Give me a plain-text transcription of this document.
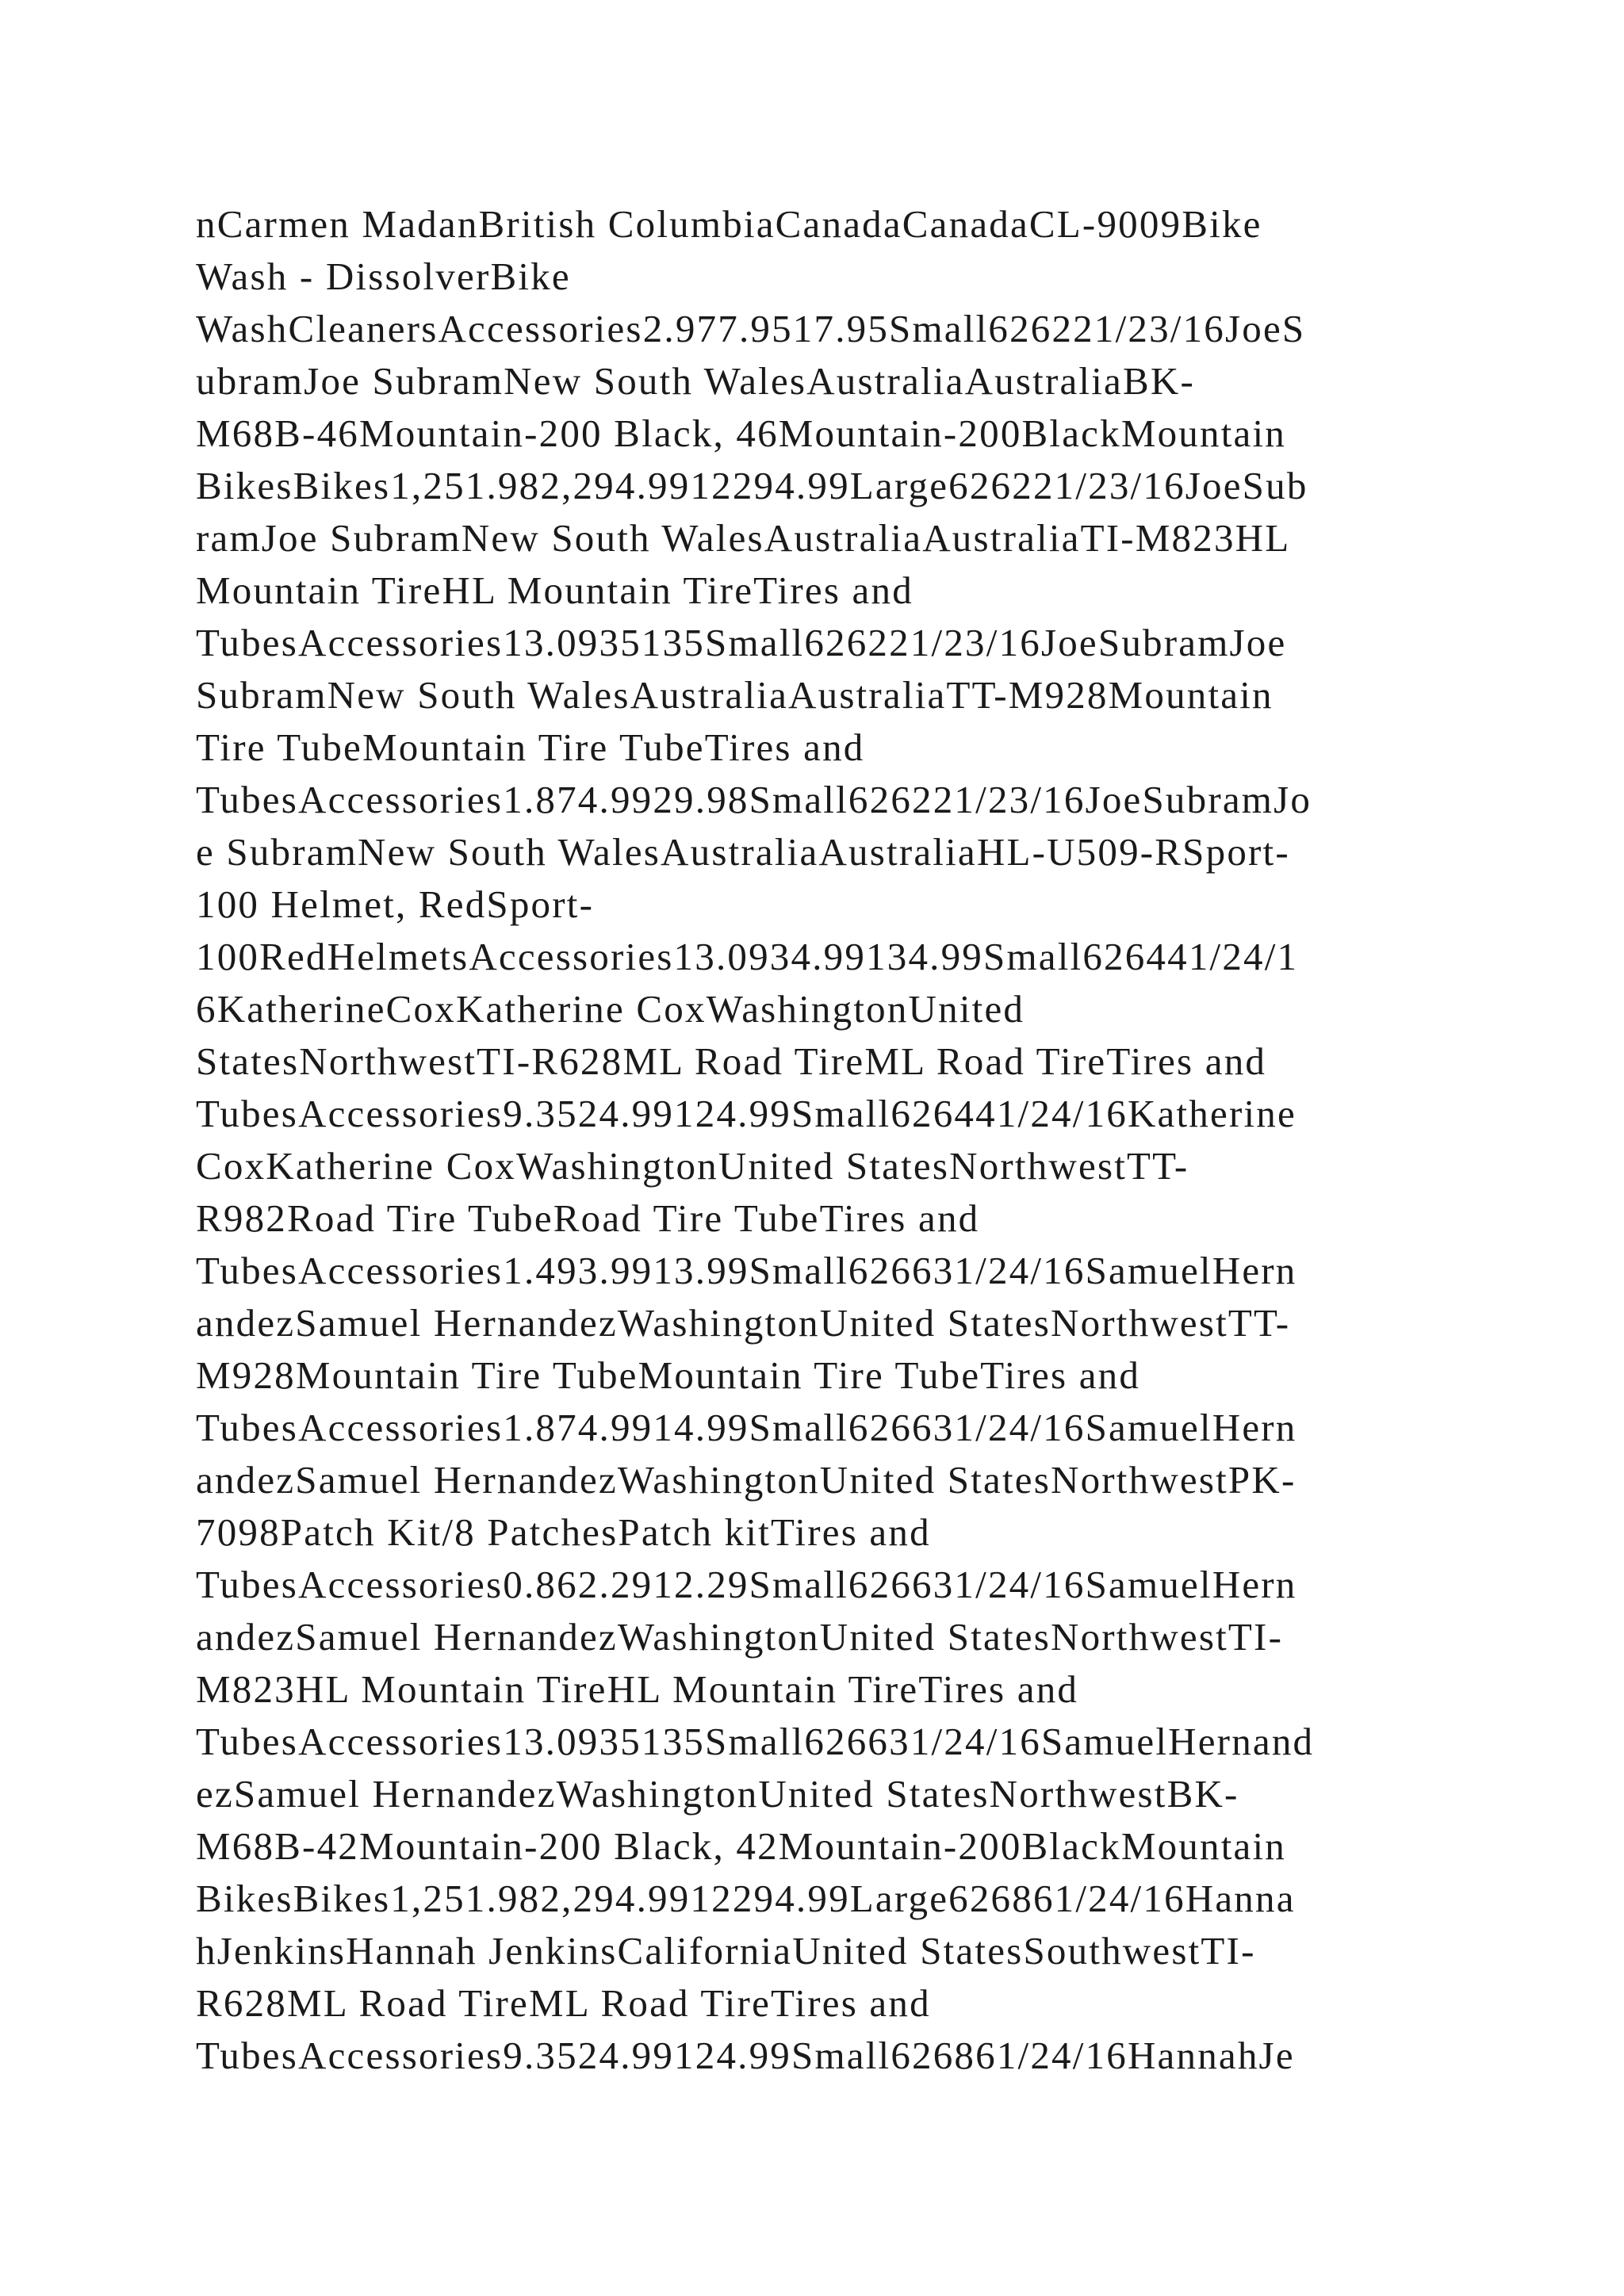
nCarmen MadanBritish ColumbiaCanadaCanadaCL-9009Bike
Wash - DissolverBike
WashCleanersAccessories2.977.9517.95Small626221/23/16JoeS
ubramJoe SubramNew South WalesAustraliaAustraliaBK-
M68B-46Mountain-200 Black, 46Mountain-200BlackMountain
BikesBikes1,251.982,294.9912294.99Large626221/23/16JoeSub
ramJoe SubramNew South WalesAustraliaAustraliaTI-M823HL
Mountain TireHL Mountain TireTires and
TubesAccessories13.0935135Small626221/23/16JoeSubramJoe
SubramNew South WalesAustraliaAustraliaTT-M928Mountain
Tire TubeMountain Tire TubeTires and
TubesAccessories1.874.9929.98Small626221/23/16JoeSubramJo
e SubramNew South WalesAustraliaAustraliaHL-U509-RSport-
100 Helmet, RedSport-
100RedHelmetsAccessories13.0934.99134.99Small626441/24/1
6KatherineCoxKatherine CoxWashingtonUnited
StatesNorthwestTI-R628ML Road TireML Road TireTires and
TubesAccessories9.3524.99124.99Small626441/24/16Katherine
CoxKatherine CoxWashingtonUnited StatesNorthwestTT-
R982Road Tire TubeRoad Tire TubeTires and
TubesAccessories1.493.9913.99Small626631/24/16SamuelHern
andezSamuel HernandezWashingtonUnited StatesNorthwestTT-
M928Mountain Tire TubeMountain Tire TubeTires and
TubesAccessories1.874.9914.99Small626631/24/16SamuelHern
andezSamuel HernandezWashingtonUnited StatesNorthwestPK-
7098Patch Kit/8 PatchesPatch kitTires and
TubesAccessories0.862.2912.29Small626631/24/16SamuelHern
andezSamuel HernandezWashingtonUnited StatesNorthwestTI-
M823HL Mountain TireHL Mountain TireTires and
TubesAccessories13.0935135Small626631/24/16SamuelHernand
ezSamuel HernandezWashingtonUnited StatesNorthwestBK-
M68B-42Mountain-200 Black, 42Mountain-200BlackMountain
BikesBikes1,251.982,294.9912294.99Large626861/24/16Hanna
hJenkinsHannah JenkinsCaliforniaUnited StatesSouthwestTI-
R628ML Road TireML Road TireTires and
TubesAccessories9.3524.99124.99Small626861/24/16HannahJe
